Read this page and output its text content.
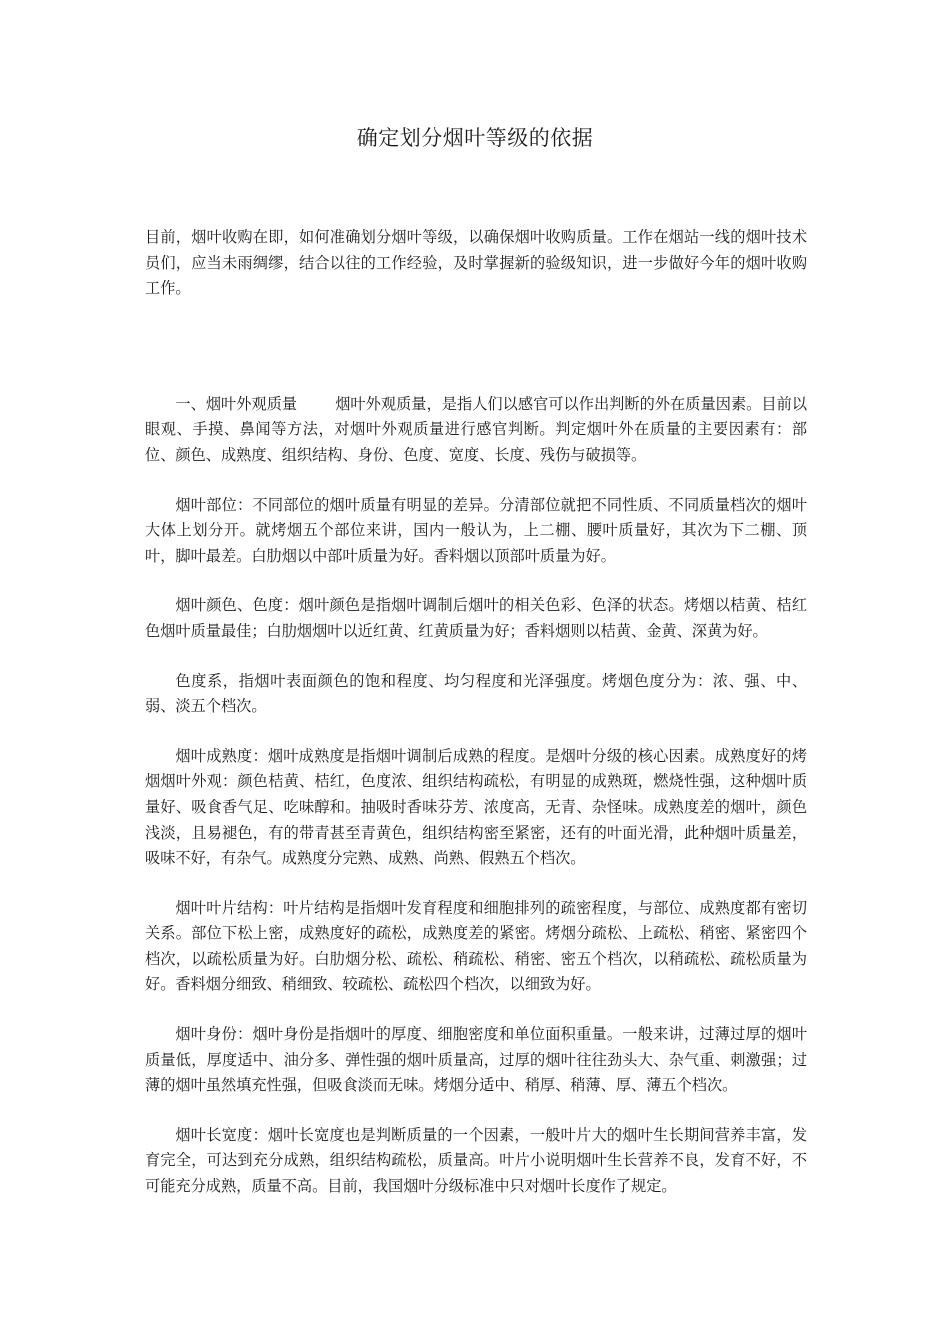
确定划分烟叶等级的依据

目前，烟叶收购在即，如何准确划分烟叶等级，以确保烟叶收购质量。工作在烟站一线的烟叶技术员们，应当未雨绸缪，结合以往的工作经验，及时掌握新的验级知识，进一步做好今年的烟叶收购工作。

一、烟叶外观质量	烟叶外观质量，是指人们以感官可以作出判断的外在质量因素。目前以眼观、手摸、鼻闻等方法，对烟叶外观质量进行感官判断。判定烟叶外在质量的主要因素有：部位、颜色、成熟度、组织结构、身份、色度、宽度、长度、残伤与破损等。

烟叶部位：不同部位的烟叶质量有明显的差异。分清部位就把不同性质、不同质量档次的烟叶大体上划分开。就烤烟五个部位来讲，国内一般认为，上二棚、腰叶质量好，其次为下二棚、顶叶，脚叶最差。白肋烟以中部叶质量为好。香料烟以顶部叶质量为好。

烟叶颜色、色度：烟叶颜色是指烟叶调制后烟叶的相关色彩、色泽的状态。烤烟以桔黄、桔红色烟叶质量最佳；白肋烟烟叶以近红黄、红黄质量为好；香料烟则以桔黄、金黄、深黄为好。

色度系，指烟叶表面颜色的饱和程度、均匀程度和光泽强度。烤烟色度分为：浓、强、中、弱、淡五个档次。

烟叶成熟度：烟叶成熟度是指烟叶调制后成熟的程度。是烟叶分级的核心因素。成熟度好的烤烟烟叶外观：颜色桔黄、桔红，色度浓、组织结构疏松，有明显的成熟斑，燃烧性强，这种烟叶质量好、吸食香气足、吃味醇和。抽吸时香味芬芳、浓度高，无青、杂怪味。成熟度差的烟叶，颜色浅淡，且易褪色，有的带青甚至青黄色，组织结构密至紧密，还有的叶面光滑，此种烟叶质量差，吸味不好，有杂气。成熟度分完熟、成熟、尚熟、假熟五个档次。

烟叶叶片结构：叶片结构是指烟叶发育程度和细胞排列的疏密程度，与部位、成熟度都有密切关系。部位下松上密，成熟度好的疏松，成熟度差的紧密。烤烟分疏松、上疏松、稍密、紧密四个档次，以疏松质量为好。白肋烟分松、疏松、稍疏松、稍密、密五个档次，以稍疏松、疏松质量为好。香料烟分细致、稍细致、较疏松、疏松四个档次，以细致为好。

烟叶身份：烟叶身份是指烟叶的厚度、细胞密度和单位面积重量。一般来讲，过薄过厚的烟叶质量低，厚度适中、油分多、弹性强的烟叶质量高，过厚的烟叶往往劲头大、杂气重、刺激强；过薄的烟叶虽然填充性强，但吸食淡而无味。烤烟分适中、稍厚、稍薄、厚、薄五个档次。

烟叶长宽度：烟叶长宽度也是判断质量的一个因素，一般叶片大的烟叶生长期间营养丰富，发育完全，可达到充分成熟，组织结构疏松，质量高。叶片小说明烟叶生长营养不良，发育不好，不可能充分成熟，质量不高。目前，我国烟叶分级标准中只对烟叶长度作了规定。
